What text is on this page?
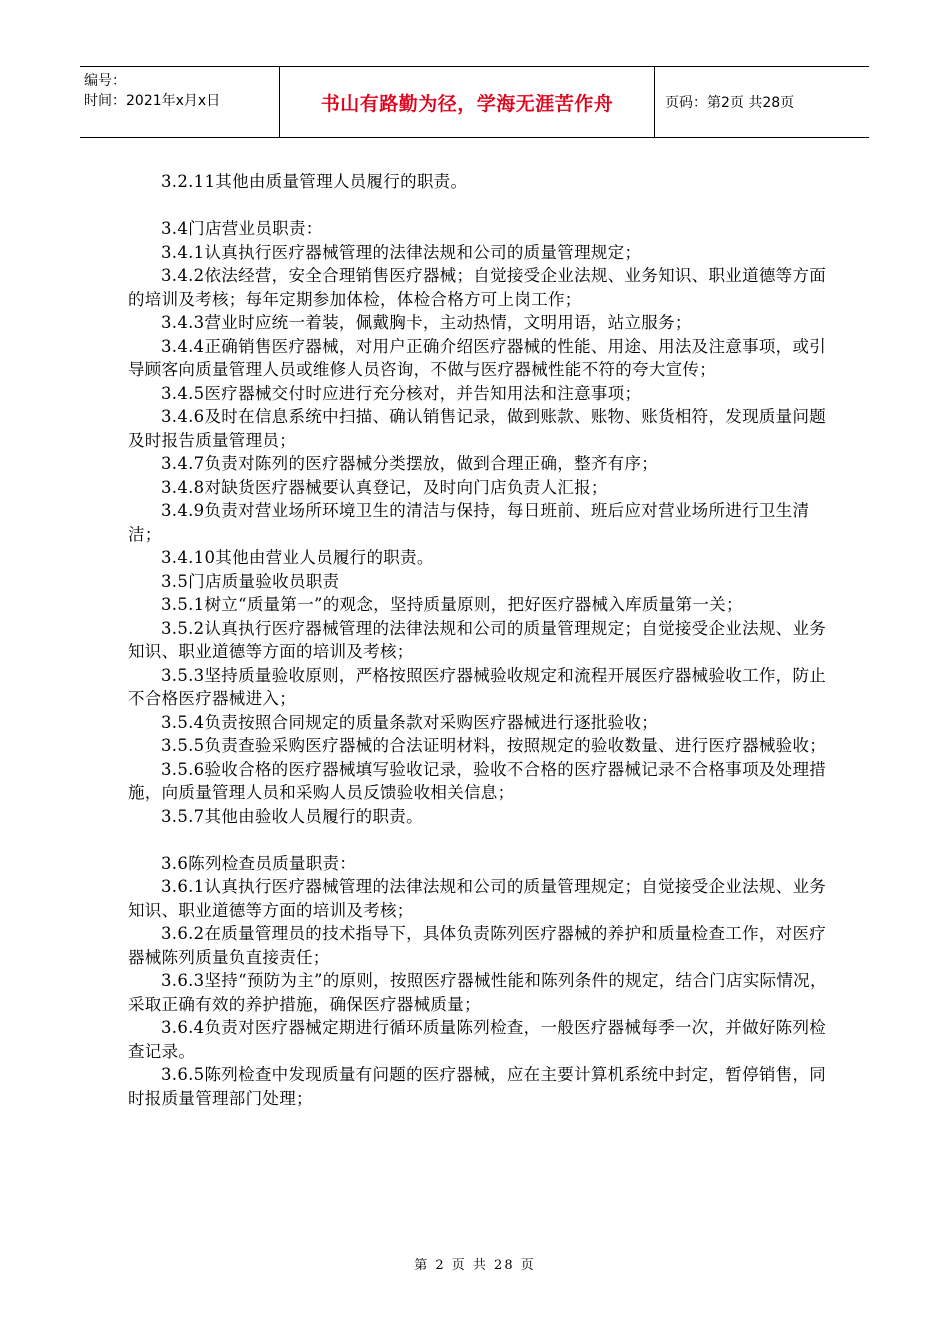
编号：
时间：2021年x月x日	书山有路勤为径，学海无涯苦作舟	页码：第2页 共28页

3.2.11其他由质量管理人员履行的职责。

3.4门店营业员职责：

3.4.1认真执行医疗器械管理的法律法规和公司的质量管理规定；

3.4.2依法经营，安全合理销售医疗器械；自觉接受企业法规、业务知识、职业道德等方面的培训及考核；每年定期参加体检，体检合格方可上岗工作；

3.4.3营业时应统一着装，佩戴胸卡，主动热情，文明用语，站立服务；

3.4.4正确销售医疗器械，对用户正确介绍医疗器械的性能、用途、用法及注意事项，或引导顾客向质量管理人员或维修人员咨询，不做与医疗器械性能不符的夸大宣传；

3.4.5医疗器械交付时应进行充分核对，并告知用法和注意事项；

3.4.6及时在信息系统中扫描、确认销售记录，做到账款、账物、账货相符，发现质量问题及时报告质量管理员；

3.4.7负责对陈列的医疗器械分类摆放，做到合理正确，整齐有序；

3.4.8对缺货医疗器械要认真登记，及时向门店负责人汇报；

3.4.9负责对营业场所环境卫生的清洁与保持，每日班前、班后应对营业场所进行卫生清洁；

3.4.10其他由营业人员履行的职责。

3.5门店质量验收员职责

3.5.1树立“质量第一”的观念，坚持质量原则，把好医疗器械入库质量第一关；

3.5.2认真执行医疗器械管理的法律法规和公司的质量管理规定；自觉接受企业法规、业务知识、职业道德等方面的培训及考核；

3.5.3坚持质量验收原则，严格按照医疗器械验收规定和流程开展医疗器械验收工作，防止不合格医疗器械进入；

3.5.4负责按照合同规定的质量条款对采购医疗器械进行逐批验收；

3.5.5负责查验采购医疗器械的合法证明材料，按照规定的验收数量、进行医疗器械验收；

3.5.6验收合格的医疗器械填写验收记录，验收不合格的医疗器械记录不合格事项及处理措施，向质量管理人员和采购人员反馈验收相关信息；

3.5.7其他由验收人员履行的职责。

3.6陈列检查员质量职责：

3.6.1认真执行医疗器械管理的法律法规和公司的质量管理规定；自觉接受企业法规、业务知识、职业道德等方面的培训及考核；

3.6.2在质量管理员的技术指导下，具体负责陈列医疗器械的养护和质量检查工作，对医疗器械陈列质量负直接责任；

3.6.3坚持“预防为主”的原则，按照医疗器械性能和陈列条件的规定，结合门店实际情况，采取正确有效的养护措施，确保医疗器械质量；

3.6.4负责对医疗器械定期进行循环质量陈列检查，一般医疗器械每季一次，并做好陈列检查记录。

3.6.5陈列检查中发现质量有问题的医疗器械，应在主要计算机系统中封定，暂停销售，同时报质量管理部门处理；

第 2 页 共 28 页
